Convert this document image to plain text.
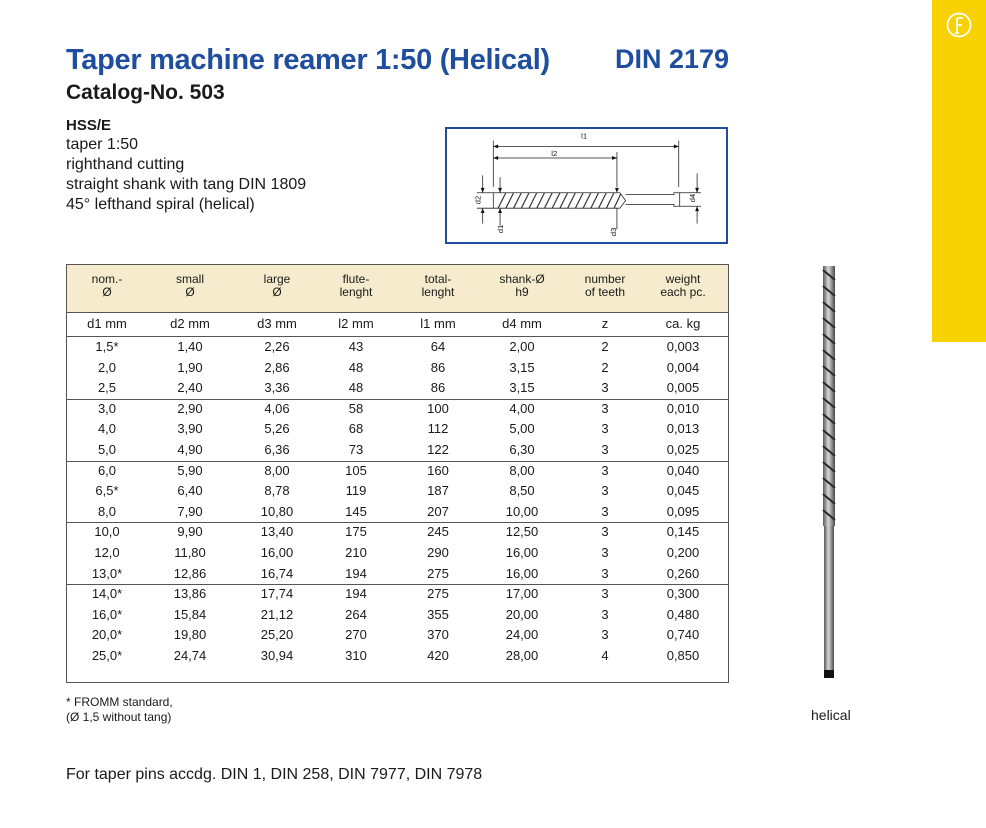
Taper machine reamer 1:50 (Helical) DIN 2179
Catalog-No. 503
HSS/E
taper 1:50
righthand cutting
straight shank with tang DIN 1809
45° lefthand spiral (helical)
l1
l2
d2
d1	d3
d4
nom.-
Ø
small
Ø
large
Ø
flute-
lenght
total-
lenght
shank-Ø
h9
number
of teeth
weight
each pc.
d1 mm	d2 mm	d3 mm	l2 mm	l1 mm	d4 mm	z	ca. kg
1,5*	1,40	2,26	43	64	2,00	2	0,003
2,0	1,90	2,86	48	86	3,15	2	0,004
2,5	2,40	3,36	48	86	3,15	3	0,005
3,0	2,90	4,06	58	100	4,00	3	0,010
4,0	3,90	5,26	68	112	5,00	3	0,013
5,0	4,90	6,36	73	122	6,30	3	0,025
6,0	5,90	8,00	105	160	8,00	3	0,040
6,5*	6,40	8,78	119	187	8,50	3	0,045
8,0	7,90	10,80	145	207	10,00	3	0,095
10,0	9,90	13,40	175	245	12,50	3	0,145
12,0	11,80	16,00	210	290	16,00	3	0,200
13,0*	12,86	16,74	194	275	16,00	3	0,260
14,0*	13,86	17,74	194	275	17,00	3	0,300
16,0*	15,84	21,12	264	355	20,00	3	0,480
20,0*	19,80	25,20	270	370	24,00	3	0,740
25,0*	24,74	30,94	310	420	28,00	4	0,850
* FROMM standard,
(Ø 1,5 without tang)
For taper pins accdg. DIN 1, DIN 258, DIN 7977, DIN 7978
helical
